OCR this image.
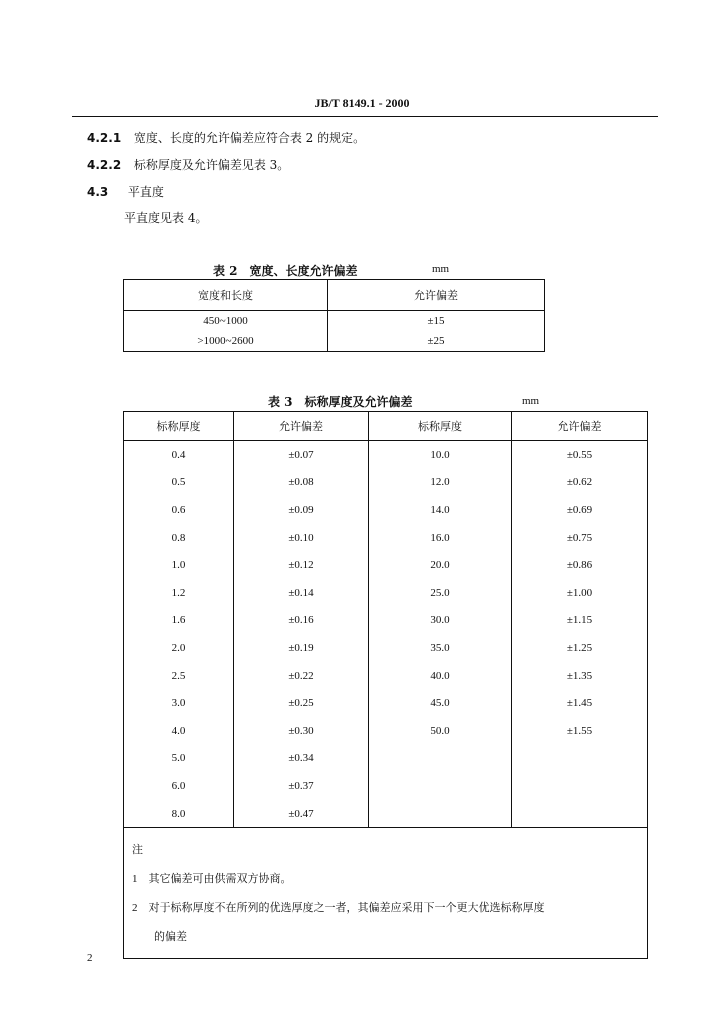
JB/T 8149.1 - 2000
4.2.1 宽度、长度的允许偏差应符合表 2 的规定。
4.2.2 标称厚度及允许偏差见表 3。
4.3 平直度
平直度见表 4。
表 2　宽度、长度允许偏差	mm
宽度和长度	允许偏差
450~1000	±15
>1000~2600	±25
表 3　标称厚度及允许偏差	mm
标称厚度	允许偏差	标称厚度	允许偏差
0.4	±0.07	10.0	±0.55
0.5	±0.08	12.0	±0.62
0.6	±0.09	14.0	±0.69
0.8	±0.10	16.0	±0.75
1.0	±0.12	20.0	±0.86
1.2	±0.14	25.0	±1.00
1.6	±0.16	30.0	±1.15
2.0	±0.19	35.0	±1.25
2.5	±0.22	40.0	±1.35
3.0	±0.25	45.0	±1.45
4.0	±0.30	50.0	±1.55
5.0	±0.34		
6.0	±0.37		
8.0	±0.47		

注
1　其它偏差可由供需双方协商。
2　对于标称厚度不在所列的优选厚度之一者，其偏差应采用下一个更大优选标称厚度
　　的偏差			
2
